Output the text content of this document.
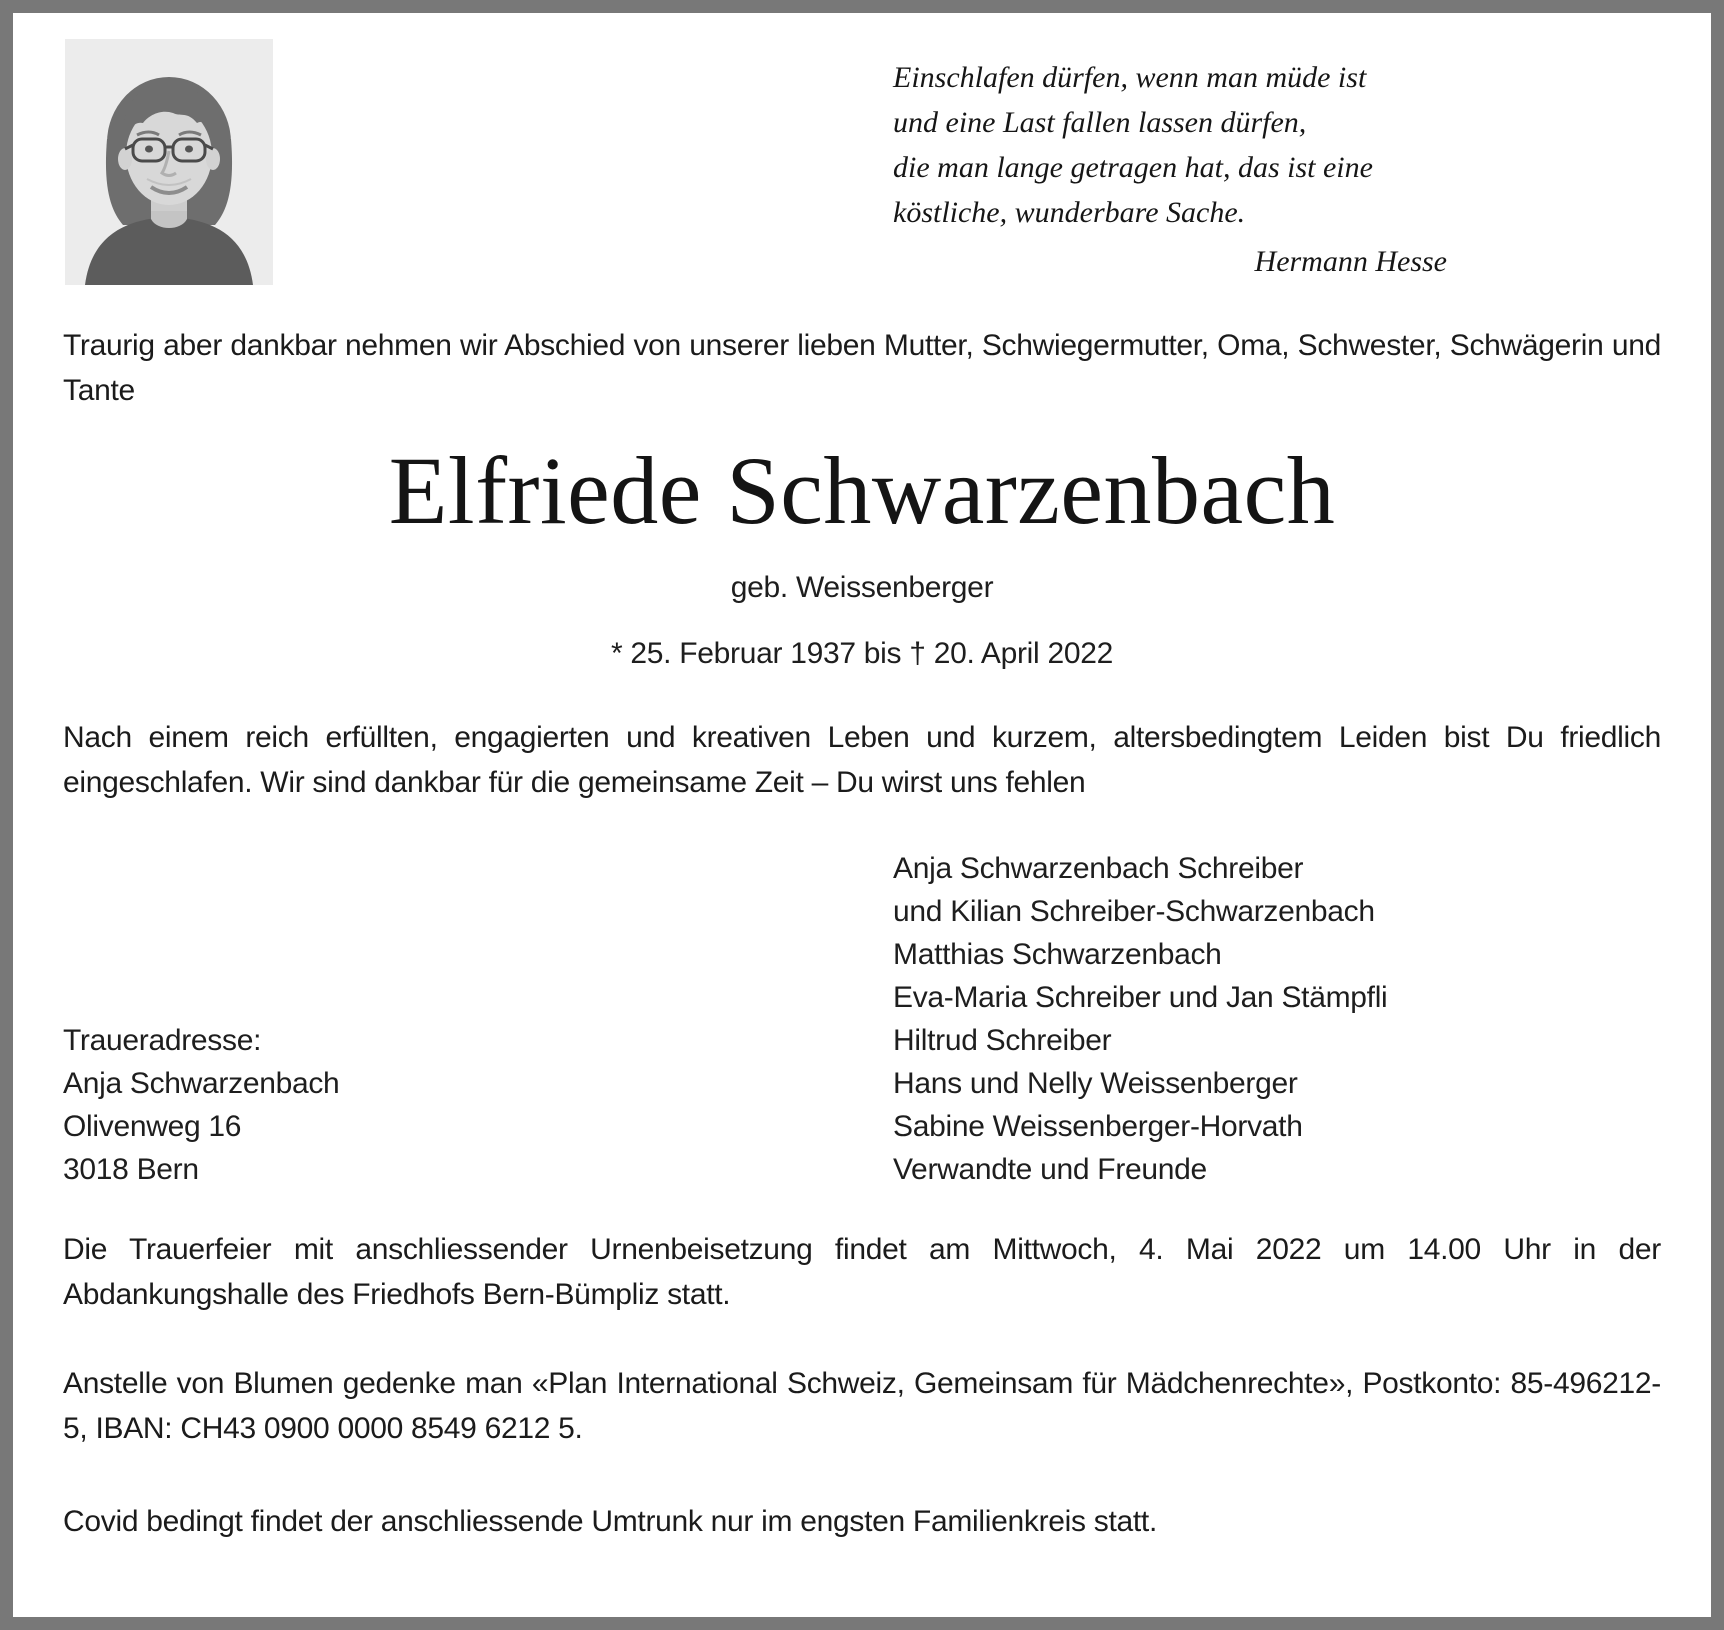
Einschlafen dürfen, wenn man müde ist
und eine Last fallen lassen dürfen,
die man lange getragen hat, das ist eine
köstliche, wunderbare Sache.
Hermann Hesse

Traurig aber dankbar nehmen wir Abschied von unserer lieben Mutter, Schwiegermutter, Oma, Schwester, Schwägerin und Tante

Elfriede Schwarzenbach
geb. Weissenberger
* 25. Februar 1937 bis † 20. April 2022

Nach einem reich erfüllten, engagierten und kreativen Leben und kurzem, altersbedingtem Leiden bist Du friedlich eingeschlafen. Wir sind dankbar für die gemeinsame Zeit – Du wirst uns fehlen

Traueradresse:
Anja Schwarzenbach
Olivenweg 16
3018 Bern
Anja Schwarzenbach Schreiber
und Kilian Schreiber-Schwarzenbach
Matthias Schwarzenbach
Eva-Maria Schreiber und Jan Stämpfli
Hiltrud Schreiber
Hans und Nelly Weissenberger
Sabine Weissenberger-Horvath
Verwandte und Freunde

Die Trauerfeier mit anschliessender Urnenbeisetzung findet am Mittwoch, 4. Mai 2022 um 14.00 Uhr in der Abdankungshalle des Friedhofs Bern-Bümpliz statt.

Anstelle von Blumen gedenke man «Plan International Schweiz, Gemeinsam für Mädchenrechte», Postkonto: 85-496212-5, IBAN: CH43 0900 0000 8549 6212 5.

Covid bedingt findet der anschliessende Umtrunk nur im engsten Familienkreis statt.
